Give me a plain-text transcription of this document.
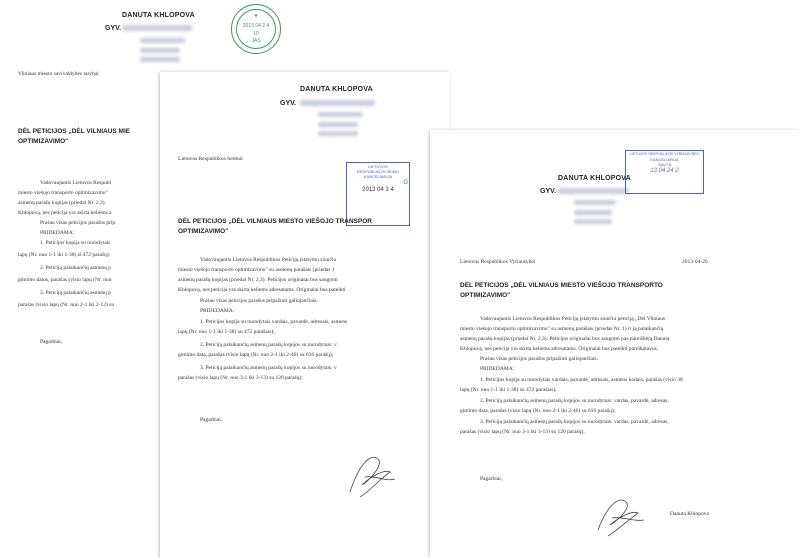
DANUTA KHLOPOVA
GYV.
Vilniaus miesto savivaldybės tarybai
DĖL PETICIJOS „DĖL VILNIAUS MIE
OPTIMIZAVIMO"
Vadovaujantis Lietuvos Respubl
miesto viešojo transporto optimizavimo"
asmenų parašų kopijas (priedai Nr. 2,3).
Khlopovą, nes peticija yra skirta keliems a
Prašau visas peticijos parašus prip
PRIDEDAMA:
1. Peticijos kopija su nurodytais
lapų (Nr. nuo 1-1 iki 1-38) iš 472 parašų);
2. Peticiją palaikančių asmenų p
gimimo datos, parašas (visio lapų (Nr. nuo
3. Peticiją palaikančių asmenų p
parašas (visio lapų (Nr. nuo 2-1 iki 2-12) su
Pagarbiai,
★
2013 04 2 4
10
JAS
DANUTA KHLOPOVA
GYV.
Lietuvos Respublikos Seimui
LIETUVOS
RESPUBLIKOS SEIMO
KANCELIARIJA
G
2013 04 2 4
DĖL PETICIJOS „DĖL VILNIAUS MIESTO VIEŠOJO TRANSPOR
OPTIMIZAVIMO"
Vadovaujantis Lietuvos Respublikos Peticijų įstatymu siunčiu
miesto viešojo transporto optimizavimo" su asmenų parašais (priedas 1
asmenų parašų kopijas (priedai Nr. 2,3). Peticijos originalai bus saugomi
Khlopovą, nes peticija yra skirta keliems adresatams. Originalai bus pateikti
Prašau visas peticijos parašus pripažinti galiojančiais.
PRIDEDAMA:
1. Peticijos kopija su nurodytais vardais, pavardė, adresais, asmens
lapų (Nr. nuo 1-1 iki 1-38) su 472 parašais);
2. Peticiją palaikančių asmenų parašų kopijos su nurodytais: v
gimimo data, parašas (visio lapų (Nr. nuo 2-1 iki 2-46) su 616 parašų);
3. Peticiją palaikančių asmenų parašų kopijos su nurodytais: v
parašas (visio lapų (Nr. nuo 3-1 iki 3-13) su 120 parašų);
Pagarbiai,
DANUTA KHLOPOVA
GYV.
LIETUVOS RESPUBLIKOS VYRIAUSYBĖS
KANCELIARIJA
GAUTA
13 04 24 2
Lietuvos Respublikos Vyriausybei	2013-04-20
DĖL PETICIJOS „DĖL VILNIAUS MIESTO VIEŠOJO TRANSPORTO
OPTIMIZAVIMO"
Vadovaujantis Lietuvos Respublikos Peticijų įstatymu siunčiu peticiją „Dėl Vilniaus
miesto viešojo transporto optimizavimo" su asmenų parašais (priedas Nr. 1) ir ją palaikančių
asmenų parašų kopijas (priedai Nr. 2,3). Peticijos originalai bus saugomi pas pareiškėją Danutą
Khlopovą, nes peticija yra skirta keliems adresatams. Originalai bus pateikti pareikalavus.
Prašau visas peticijos parašus pripažinti galiojančiais.
PRIDEDAMA:
1. Peticijos kopija su nurodytais vardais, pavardė, adresais, asmens kodais, parašas (visio 38
lapų (Nr. nuo 1-1 iki 1-38) su 472 parašais);
2. Peticiją palaikančių asmenų parašų kopijos su nurodytais: vardas, pavardė, adresas,
gimimo data, parašas (visio lapų (Nr. nuo 2-1 iki 2-46) su 616 parašų);
3. Peticiją palaikančių asmenų parašų kopijos su nurodytais: vardas, pavardė, adresas,
parašas (visio lapų (Nr. nuo 3-1 iki 3-13) su 120 parašų);
Pagarbiai,
Danuta Khlopova
